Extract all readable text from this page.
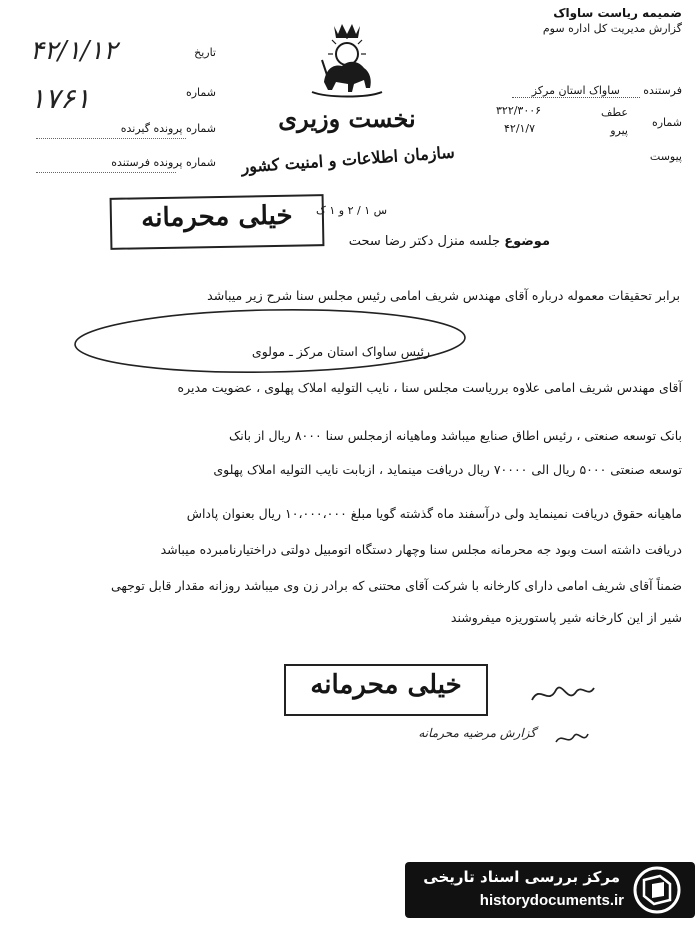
ضمیمه ریاست ساواک
گزارش مدیریت کل اداره سوم
فرستنده ساواک استان مرکز
شماره
عطف
۳۲۲/۳۰۰۶
پیرو
۴۲/۱/۷
پیوست
نخست وزیری
سازمان اطلاعات و امنیت کشور
س ۱ / ۲ و ۱ ک
۴۲/۱/۱۲	تاریخ
۱۷۶۱	شماره
شماره پرونده گیرنده
شماره پرونده فرستنده
خیلی محرمانه
موضوع جلسه منزل دکتر رضا سحت
برابر تحقیقات معموله درباره آقای مهندس شریف امامی رئیس مجلس سنا شرح زیر میباشد
رئیس ساواک استان مرکز ـ مولوی
آقای مهندس شریف امامی علاوه برریاست مجلس سنا ، نایب التولیه املاک پهلوی ، عضویت مدیره
بانک توسعه صنعتی ، رئیس اطاق صنایع میباشد وماهیانه ازمجلس سنا ۸۰۰۰ ریال از بانک
توسعه صنعتی ۵۰۰۰ ریال الی ۷۰۰۰۰ ریال دریافت مینماید ، ازبابت نایب التولیه املاک پهلوی
ماهیانه حقوق دریافت نمینماید ولی درآسفند ماه گذشته گویا مبلغ ۱۰،۰۰۰،۰۰۰ ریال بعنوان پاداش
دریافت داشته است وبود جه محرمانه مجلس سنا وچهار دستگاه اتومبیل دولتی دراختیارنامبرده میباشد
ضمناً آقای شریف امامی دارای کارخانه با شرکت آقای محتنی که برادر زن وی میباشد روزانه مقدار قابل توجهی
شیر از این کارخانه شیر پاستوریزه میفروشند
خیلی محرمانه
گزارش مرضیه محرمانه
مرکز بررسی اسناد تاریخی
historydocuments.ir
